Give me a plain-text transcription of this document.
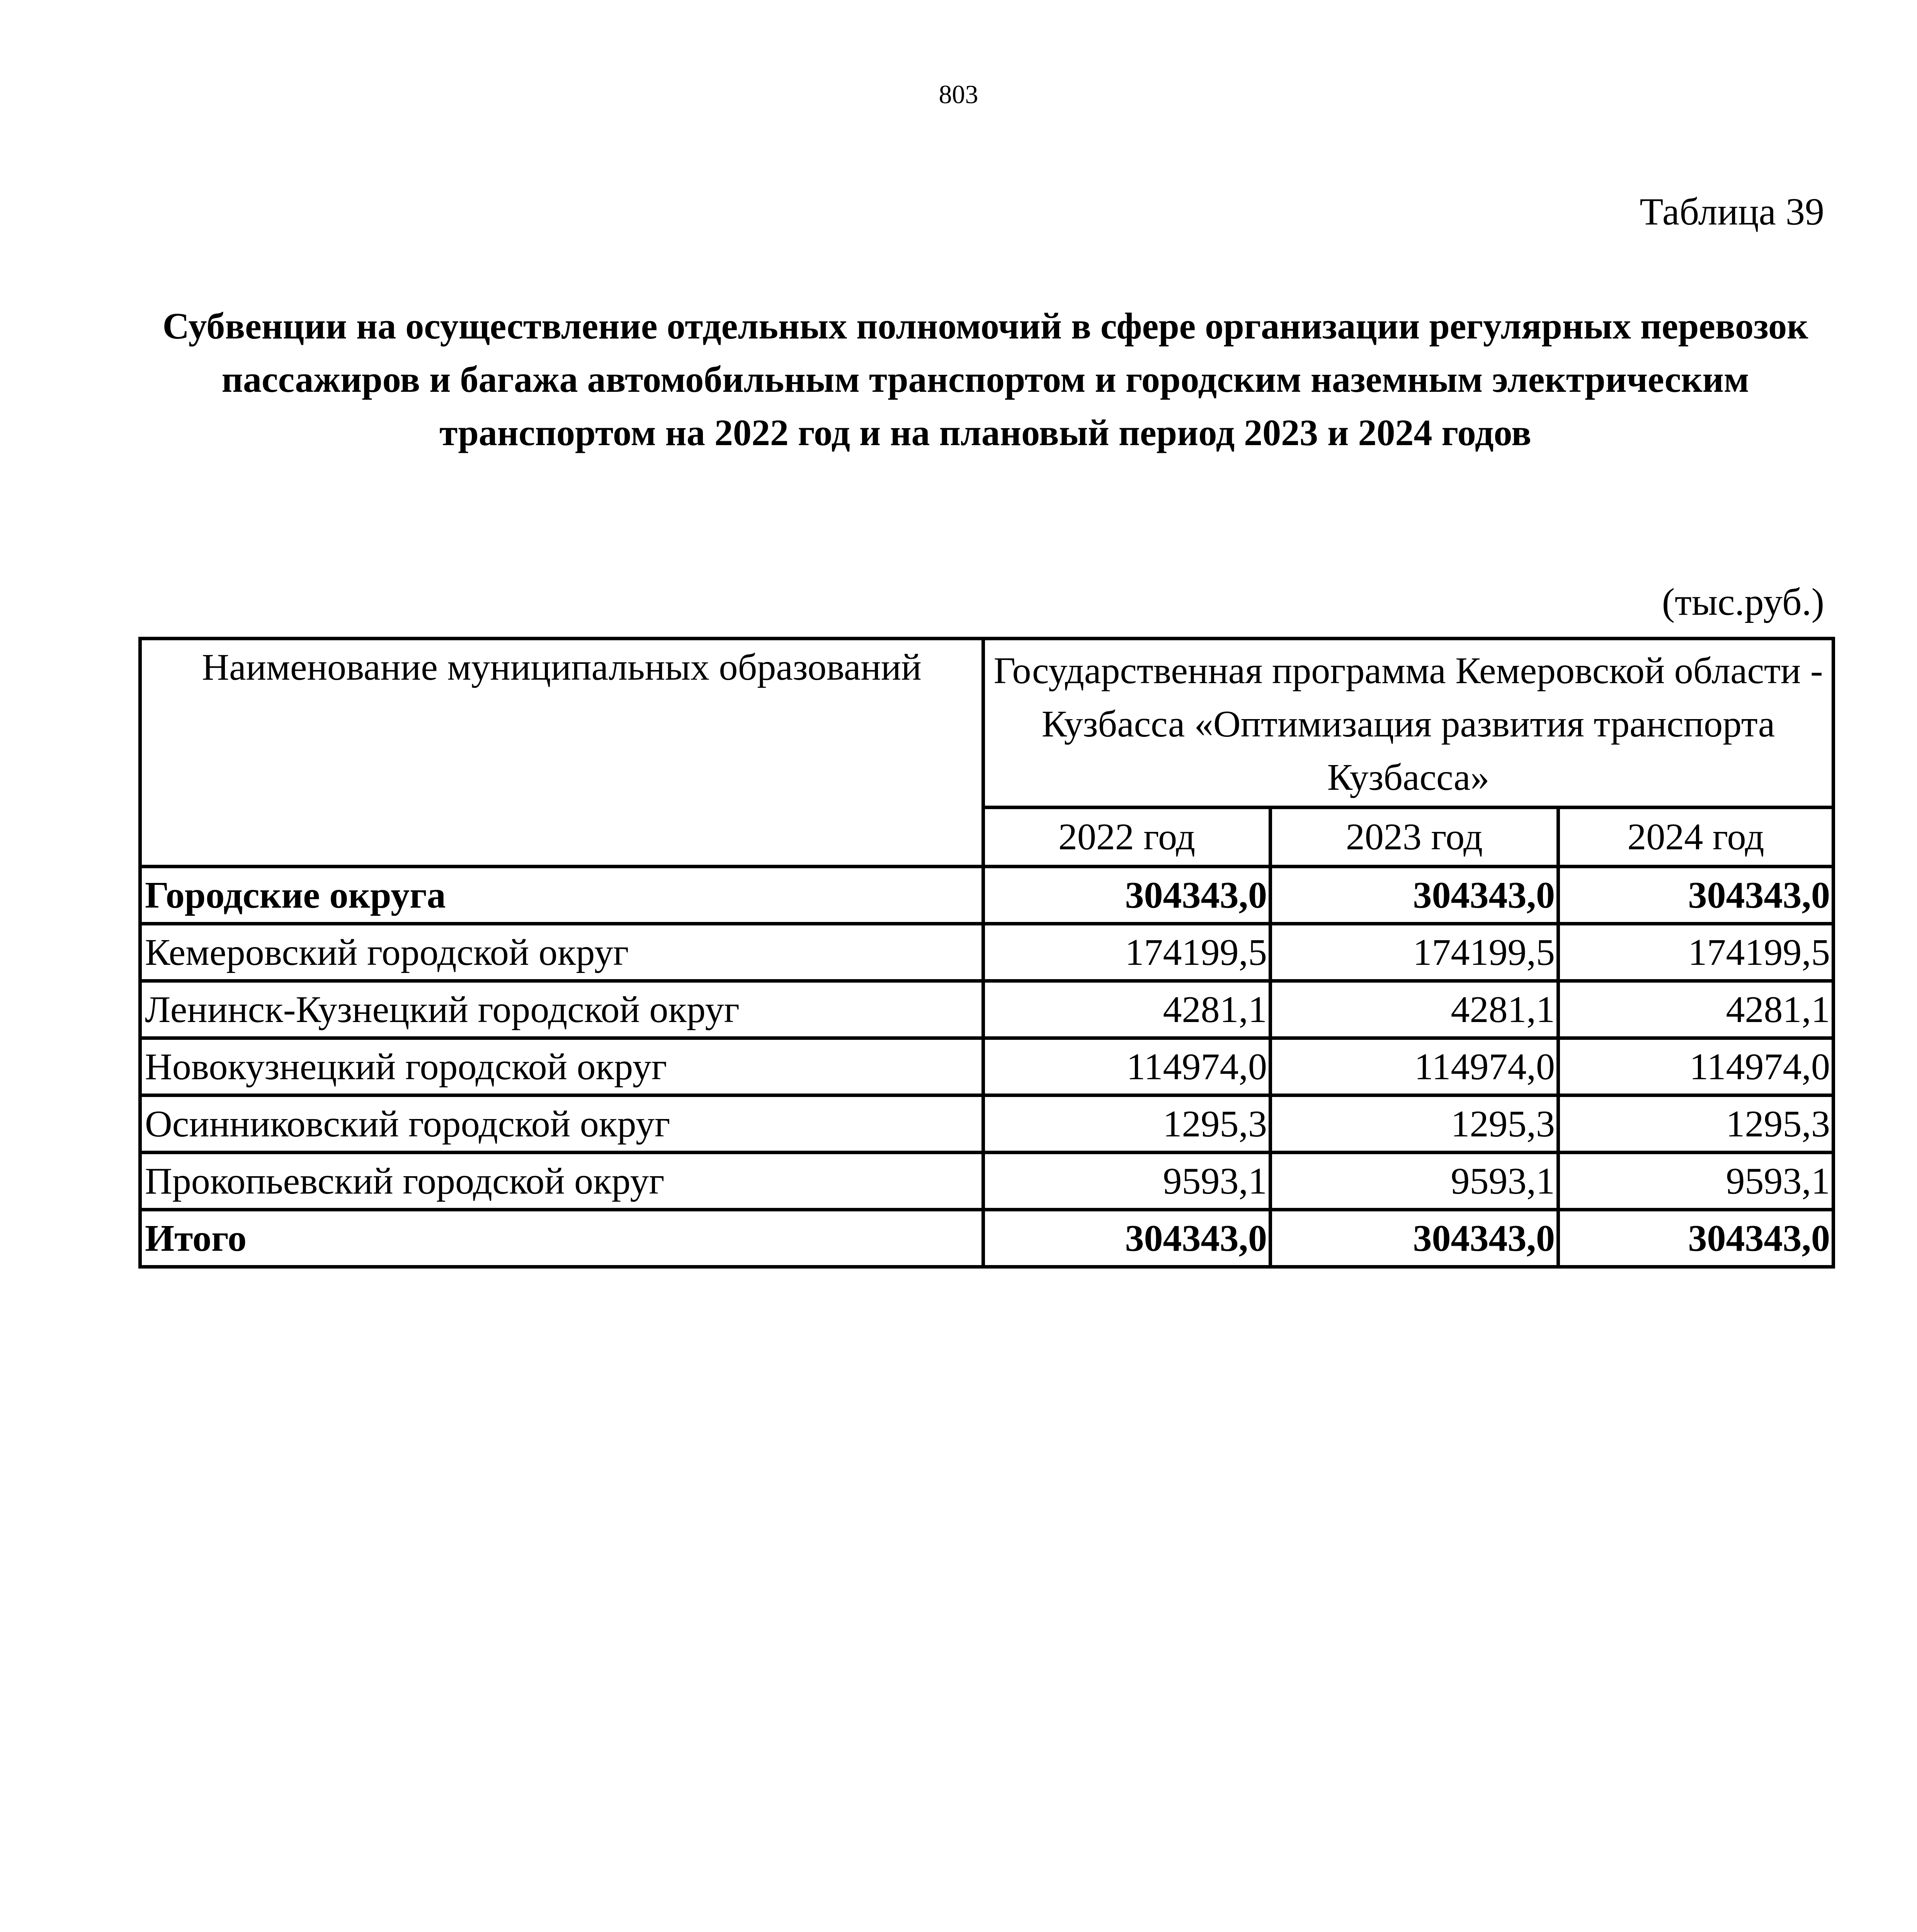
803
Таблица 39
Субвенции на осуществление отдельных полномочий в сфере организации регулярных перевозок пассажиров и багажа автомобильным транспортом и городским наземным электрическим транспортом на 2022 год и на плановый период 2023 и 2024 годов
(тыс.руб.)
Наименование муниципальных образований	Государственная программа Кемеровской области - Кузбасса «Оптимизация развития транспорта Кузбасса»		
	2022 год	2023 год	2024 год
Городские округа	304343,0	304343,0	304343,0
Кемеровский городской округ	174199,5	174199,5	174199,5
Ленинск-Кузнецкий городской округ	4281,1	4281,1	4281,1
Новокузнецкий городской округ	114974,0	114974,0	114974,0
Осинниковский городской округ	1295,3	1295,3	1295,3
Прокопьевский городской округ	9593,1	9593,1	9593,1
Итого	304343,0	304343,0	304343,0
